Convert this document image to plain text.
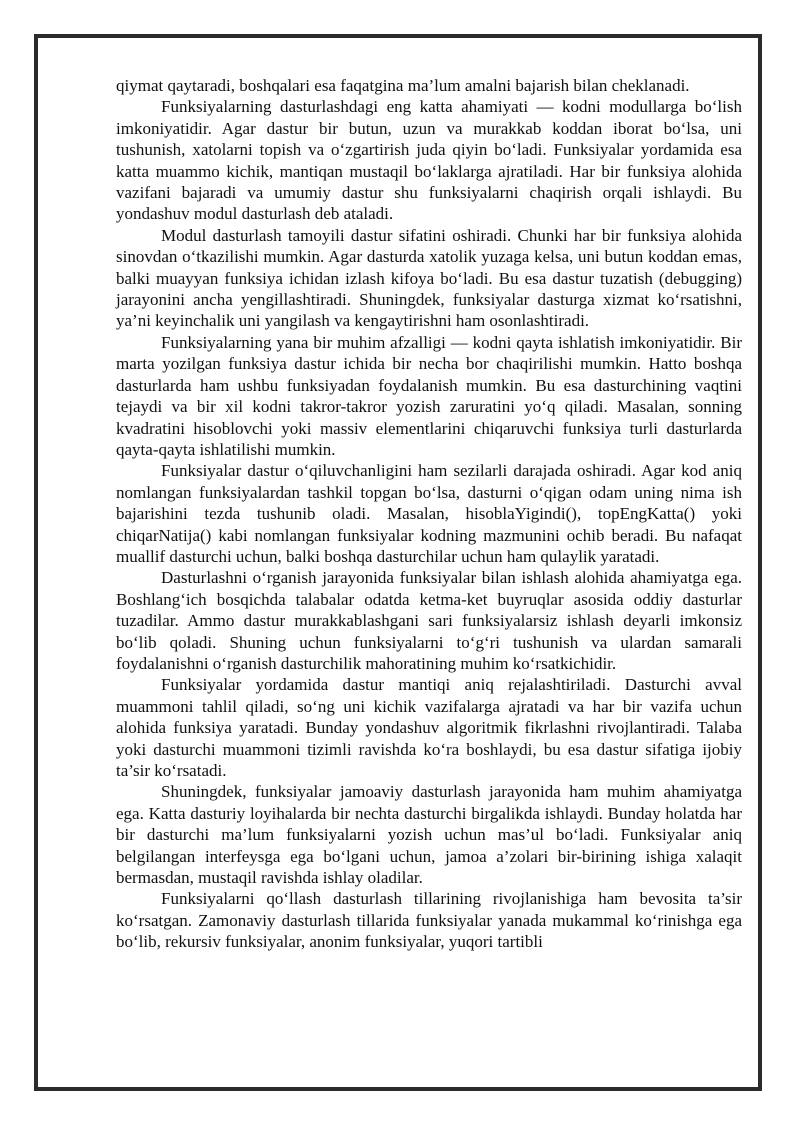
qiymat qaytaradi, boshqalari esa faqatgina ma’lum amalni bajarish bilan cheklanadi.

Funksiyalarning dasturlashdagi eng katta ahamiyati — kodni modullarga bo‘lish imkoniyatidir. Agar dastur bir butun, uzun va murakkab koddan iborat bo‘lsa, uni tushunish, xatolarni topish va o‘zgartirish juda qiyin bo‘ladi. Funksiyalar yordamida esa katta muammo kichik, mantiqan mustaqil bo‘laklarga ajratiladi. Har bir funksiya alohida vazifani bajaradi va umumiy dastur shu funksiyalarni chaqirish orqali ishlaydi. Bu yondashuv modul dasturlash deb ataladi.

Modul dasturlash tamoyili dastur sifatini oshiradi. Chunki har bir funksiya alohida sinovdan o‘tkazilishi mumkin. Agar dasturda xatolik yuzaga kelsa, uni butun koddan emas, balki muayyan funksiya ichidan izlash kifoya bo‘ladi. Bu esa dastur tuzatish (debugging) jarayonini ancha yengillashtiradi. Shuningdek, funksiyalar dasturga xizmat ko‘rsatishni, ya’ni keyinchalik uni yangilash va kengaytirishni ham osonlashtiradi.

Funksiyalarning yana bir muhim afzalligi — kodni qayta ishlatish imkoniyatidir. Bir marta yozilgan funksiya dastur ichida bir necha bor chaqirilishi mumkin. Hatto boshqa dasturlarda ham ushbu funksiyadan foydalanish mumkin. Bu esa dasturchining vaqtini tejaydi va bir xil kodni takror-takror yozish zaruratini yo‘q qiladi. Masalan, sonning kvadratini hisoblovchi yoki massiv elementlarini chiqaruvchi funksiya turli dasturlarda qayta-qayta ishlatilishi mumkin.

Funksiyalar dastur o‘qiluvchanligini ham sezilarli darajada oshiradi. Agar kod aniq nomlangan funksiyalardan tashkil topgan bo‘lsa, dasturni o‘qigan odam uning nima ish bajarishini tezda tushunib oladi. Masalan, hisoblaYigindi(), topEngKatta() yoki chiqarNatija() kabi nomlangan funksiyalar kodning mazmunini ochib beradi. Bu nafaqat muallif dasturchi uchun, balki boshqa dasturchilar uchun ham qulaylik yaratadi.

Dasturlashni o‘rganish jarayonida funksiyalar bilan ishlash alohida ahamiyatga ega. Boshlang‘ich bosqichda talabalar odatda ketma-ket buyruqlar asosida oddiy dasturlar tuzadilar. Ammo dastur murakkablashgani sari funksiyalarsiz ishlash deyarli imkonsiz bo‘lib qoladi. Shuning uchun funksiyalarni to‘g‘ri tushunish va ulardan samarali foydalanishni o‘rganish dasturchilik mahoratining muhim ko‘rsatkichidir.

Funksiyalar yordamida dastur mantiqi aniq rejalashtiriladi. Dasturchi avval muammoni tahlil qiladi, so‘ng uni kichik vazifalarga ajratadi va har bir vazifa uchun alohida funksiya yaratadi. Bunday yondashuv algoritmik fikrlashni rivojlantiradi. Talaba yoki dasturchi muammoni tizimli ravishda ko‘ra boshlaydi, bu esa dastur sifatiga ijobiy ta’sir ko‘rsatadi.

Shuningdek, funksiyalar jamoaviy dasturlash jarayonida ham muhim ahamiyatga ega. Katta dasturiy loyihalarda bir nechta dasturchi birgalikda ishlaydi. Bunday holatda har bir dasturchi ma’lum funksiyalarni yozish uchun mas’ul bo‘ladi. Funksiyalar aniq belgilangan interfeysga ega bo‘lgani uchun, jamoa a’zolari bir-birining ishiga xalaqit bermasdan, mustaqil ravishda ishlay oladilar.

Funksiyalarni qo‘llash dasturlash tillarining rivojlanishiga ham bevosita ta’sir ko‘rsatgan. Zamonaviy dasturlash tillarida funksiyalar yanada mukammal ko‘rinishga ega bo‘lib, rekursiv funksiyalar, anonim funksiyalar, yuqori tartibli
